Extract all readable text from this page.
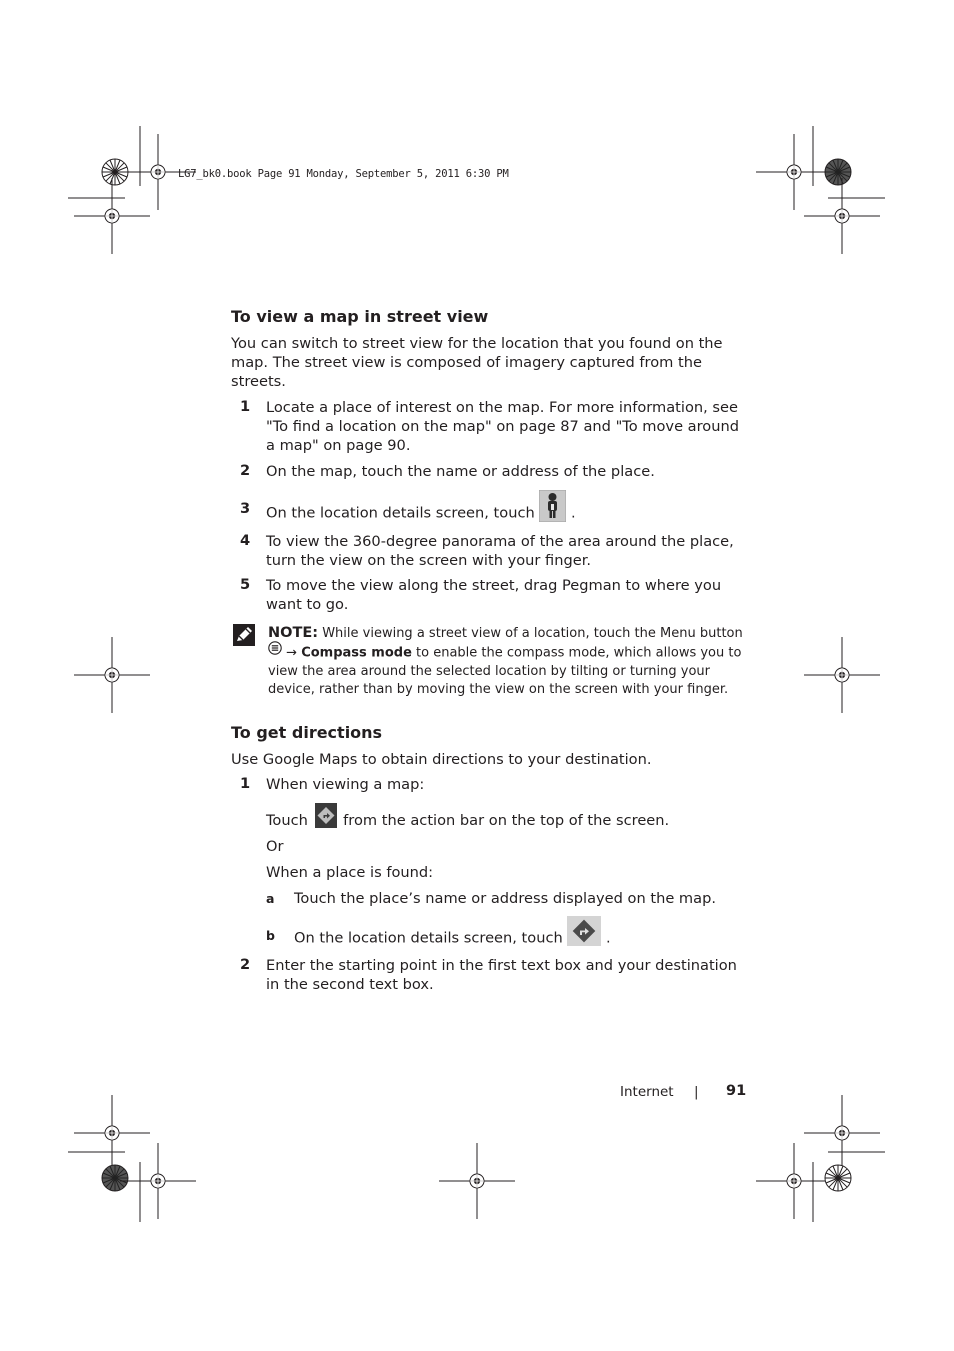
LG7_bk0.book Page 91 Monday, September 5, 2011 6:30 PM
To view a map in street view
You can switch to street view for the location that you found on the map. The street view is composed of imagery captured from the streets.
1 Locate a place of interest on the map. For more information, see "To find a location on the map" on page 87 and "To move around a map" on page 90.
2 On the map, touch the name or address of the place.
3 On the location details screen, touch .
4 To view the 360-degree panorama of the area around the place, turn the view on the screen with your finger.
5 To move the view along the street, drag Pegman to where you want to go.
NOTE: While viewing a street view of a location, touch the Menu button
→ Compass mode to enable the compass mode, which allows you to view the area around the selected location by tilting or turning your device, rather than by moving the view on the screen with your finger.
To get directions
Use Google Maps to obtain directions to your destination.
1 When viewing a map:
Touch from the action bar on the top of the screen.
Or
When a place is found:
a Touch the place’s name or address displayed on the map.
b On the location details screen, touch	.
2 Enter the starting point in the first text box and your destination in the second text box.
Internet | 91
